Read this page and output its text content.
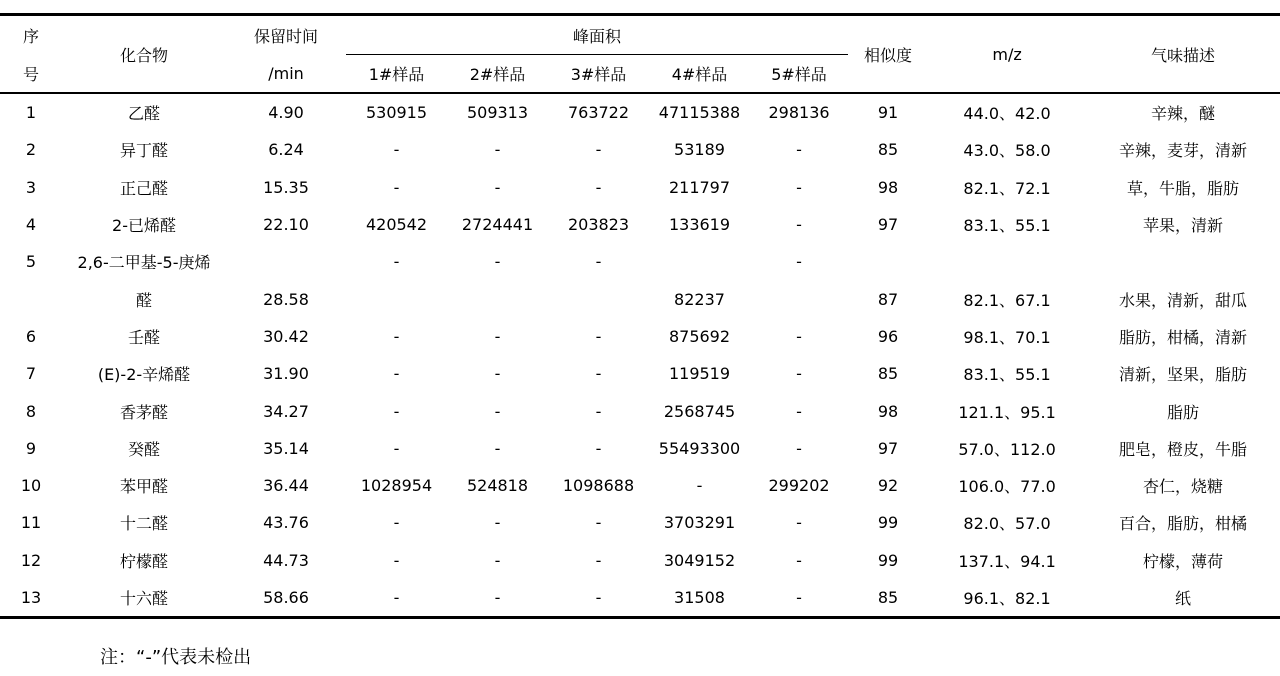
序	化合物	保留时间	峰面积					相似度	m/z	气味描述
号		/min	1#样品	2#样品	3#样品	4#样品	5#样品			
1	乙醛	4.90	530915	509313	763722	47115388	298136	91	44.0、42.0	辛辣，醚
2	异丁醛	6.24	-	-	-	53189	-	85	43.0、58.0	辛辣，麦芽，清新
3	正己醛	15.35	-	-	-	211797	-	98	82.1、72.1	草，牛脂，脂肪
4	2-已烯醛	22.10	420542	2724441	203823	133619	-	97	83.1、55.1	苹果，清新
5	2,6-二甲基-5-庚烯		-	-	-		-			
	醛	28.58				82237		87	82.1、67.1	水果，清新，甜瓜
6	壬醛	30.42	-	-	-	875692	-	96	98.1、70.1	脂肪，柑橘，清新
7	(E)-2-辛烯醛	31.90	-	-	-	119519	-	85	83.1、55.1	清新，坚果，脂肪
8	香茅醛	34.27	-	-	-	2568745	-	98	121.1、95.1	脂肪
9	癸醛	35.14	-	-	-	55493300	-	97	57.0、112.0	肥皂，橙皮，牛脂
10	苯甲醛	36.44	1028954	524818	1098688	-	299202	92	106.0、77.0	杏仁，烧糖
11	十二醛	43.76	-	-	-	3703291	-	99	82.0、57.0	百合，脂肪，柑橘
12	柠檬醛	44.73	-	-	-	3049152	-	99	137.1、94.1	柠檬，薄荷
13	十六醛	58.66	-	-	-	31508	-	85	96.1、82.1	纸
注：“-”代表未检出
